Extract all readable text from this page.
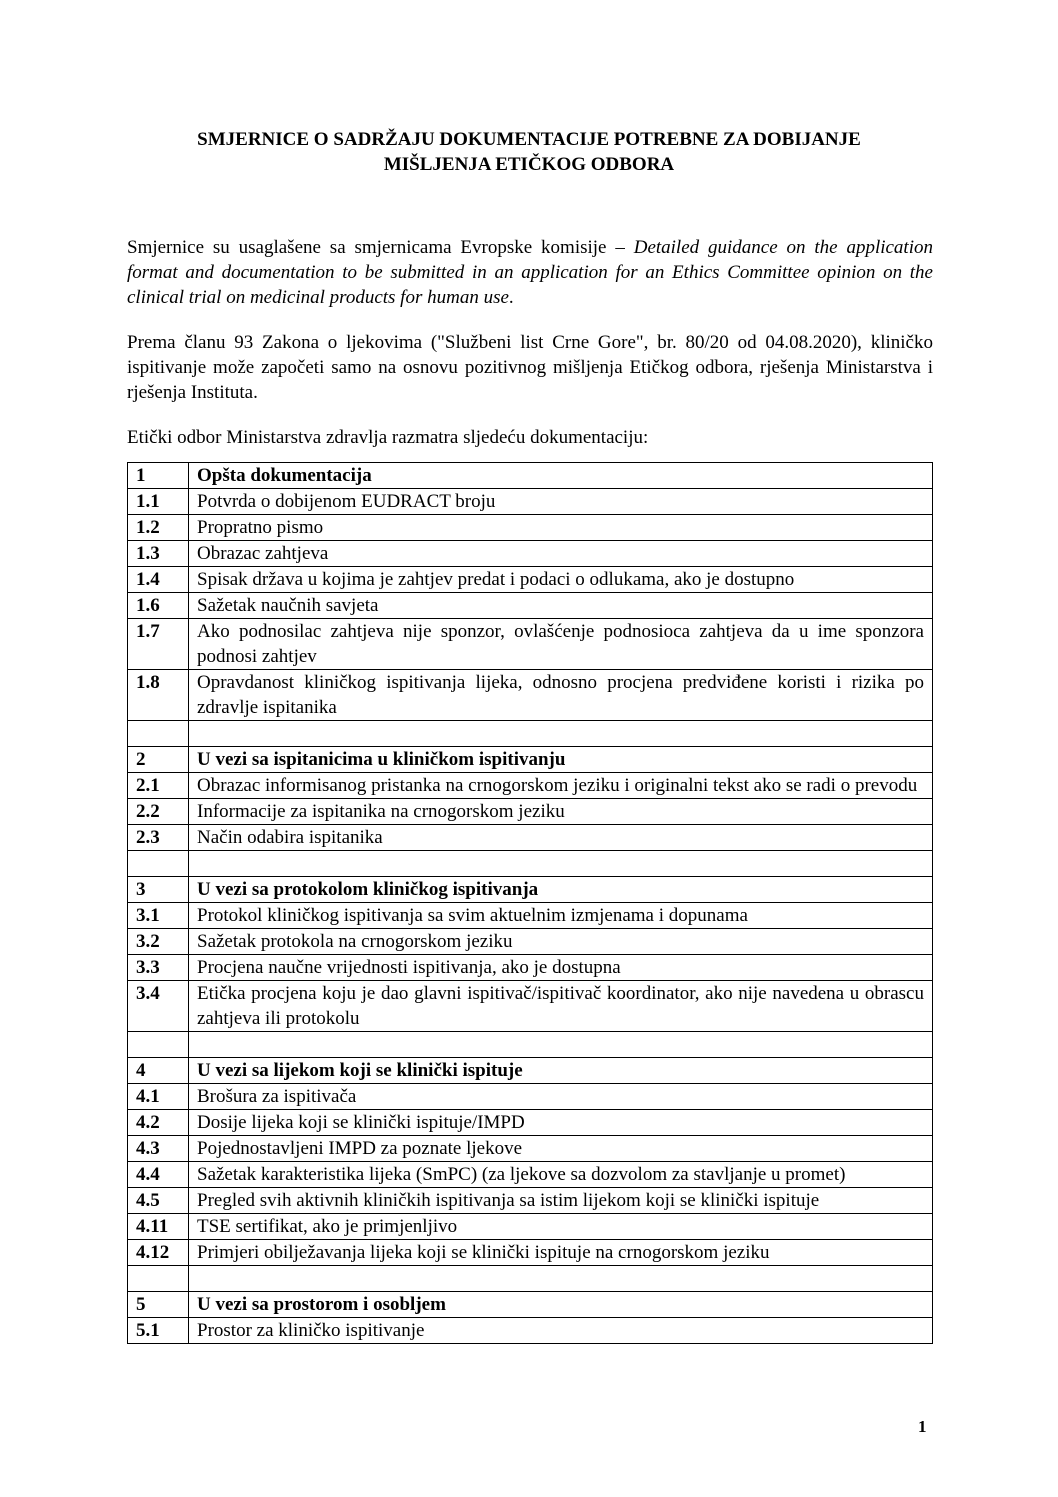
SMJERNICE O SADRŽAJU DOKUMENTACIJE POTREBNE ZA DOBIJANJE
MIŠLJENJA ETIČKOG ODBORA
Smjernice su usaglašene sa smjernicama Evropske komisije – Detailed guidance on the application format and documentation to be submitted in an application for an Ethics Committee opinion on the clinical trial on medicinal products for human use.
Prema članu 93 Zakona o ljekovima ("Službeni list Crne Gore", br. 80/20 od 04.08.2020), kliničko ispitivanje može započeti samo na osnovu pozitivnog mišljenja Etičkog odbora, rješenja Ministarstva i rješenja Instituta.
Etički odbor Ministarstva zdravlja razmatra sljedeću dokumentaciju:
1	Opšta dokumentacija
1.1	Potvrda o dobijenom EUDRACT broju
1.2	Propratno pismo
1.3	Obrazac zahtjeva
1.4	Spisak država u kojima je zahtjev predat i podaci o odlukama, ako je dostupno
1.6	Sažetak naučnih savjeta
1.7	Ako podnosilac zahtjeva nije sponzor, ovlašćenje podnosioca zahtjeva da u ime sponzora podnosi zahtjev
1.8	Opravdanost kliničkog ispitivanja lijeka, odnosno procjena predviđene koristi i rizika po zdravlje ispitanika

2	U vezi sa ispitanicima u kliničkom ispitivanju
2.1	Obrazac informisanog pristanka na crnogorskom jeziku i originalni tekst ako se radi o prevodu
2.2	Informacije za ispitanika na crnogorskom jeziku
2.3	Način odabira ispitanika

3	U vezi sa protokolom kliničkog ispitivanja
3.1	Protokol kliničkog ispitivanja sa svim aktuelnim izmjenama i dopunama
3.2	Sažetak protokola na crnogorskom jeziku
3.3	Procjena naučne vrijednosti ispitivanja, ako je dostupna
3.4	Etička procjena koju je dao glavni ispitivač/ispitivač koordinator, ako nije navedena u obrascu zahtjeva ili protokolu

4	U vezi sa lijekom koji se klinički ispituje
4.1	Brošura za ispitivača
4.2	Dosije lijeka koji se klinički ispituje/IMPD
4.3	Pojednostavljeni IMPD za poznate ljekove
4.4	Sažetak karakteristika lijeka (SmPC) (za ljekove sa dozvolom za stavljanje u promet)
4.5	Pregled svih aktivnih kliničkih ispitivanja sa istim lijekom koji se klinički ispituje
4.11	TSE sertifikat, ako je primjenljivo
4.12	Primjeri obilježavanja lijeka koji se klinički ispituje na crnogorskom jeziku

5	U vezi sa prostorom i osobljem
5.1	Prostor za kliničko ispitivanje
1
